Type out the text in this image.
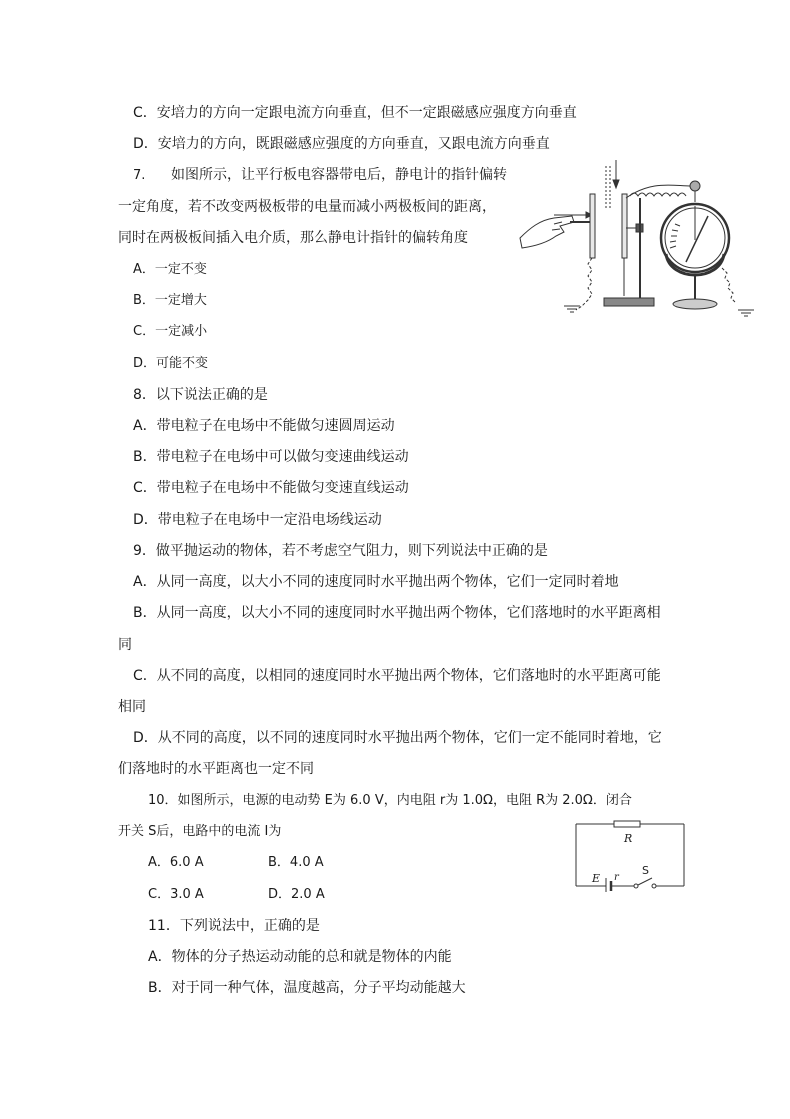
C．安培力的方向一定跟电流方向垂直，但不一定跟磁感应强度方向垂直
D．安培力的方向，既跟磁感应强度的方向垂直，又跟电流方向垂直
7. 如图所示，让平行板电容器带电后，静电计的指针偏转
一定角度，若不改变两极板带的电量而减小两极板间的距离，
同时在两极板间插入电介质，那么静电计指针的偏转角度
A．一定不变
B．一定增大
C．一定减小
D．可能不变
8．以下说法正确的是
A．带电粒子在电场中不能做匀速圆周运动
B．带电粒子在电场中可以做匀变速曲线运动
C．带电粒子在电场中不能做匀变速直线运动
D．带电粒子在电场中一定沿电场线运动
9．做平抛运动的物体，若不考虑空气阻力，则下列说法中正确的是
A．从同一高度，以大小不同的速度同时水平抛出两个物体，它们一定同时着地
B．从同一高度，以大小不同的速度同时水平抛出两个物体，它们落地时的水平距离相
同
C．从不同的高度，以相同的速度同时水平抛出两个物体，它们落地时的水平距离可能
相同
D．从不同的高度，以不同的速度同时水平抛出两个物体，它们一定不能同时着地，它
们落地时的水平距离也一定不同
10．如图所示，电源的电动势 E为 6.0 V，内电阻 r为 1.0Ω，电阻 R为 2.0Ω．闭合
开关 S后，电路中的电流 I为
A．6.0 A	B．4.0 A
C．3.0 A	D．2.0 A
R
E r
S
11．下列说法中，正确的是
A．物体的分子热运动动能的总和就是物体的内能
B．对于同一种气体，温度越高，分子平均动能越大
